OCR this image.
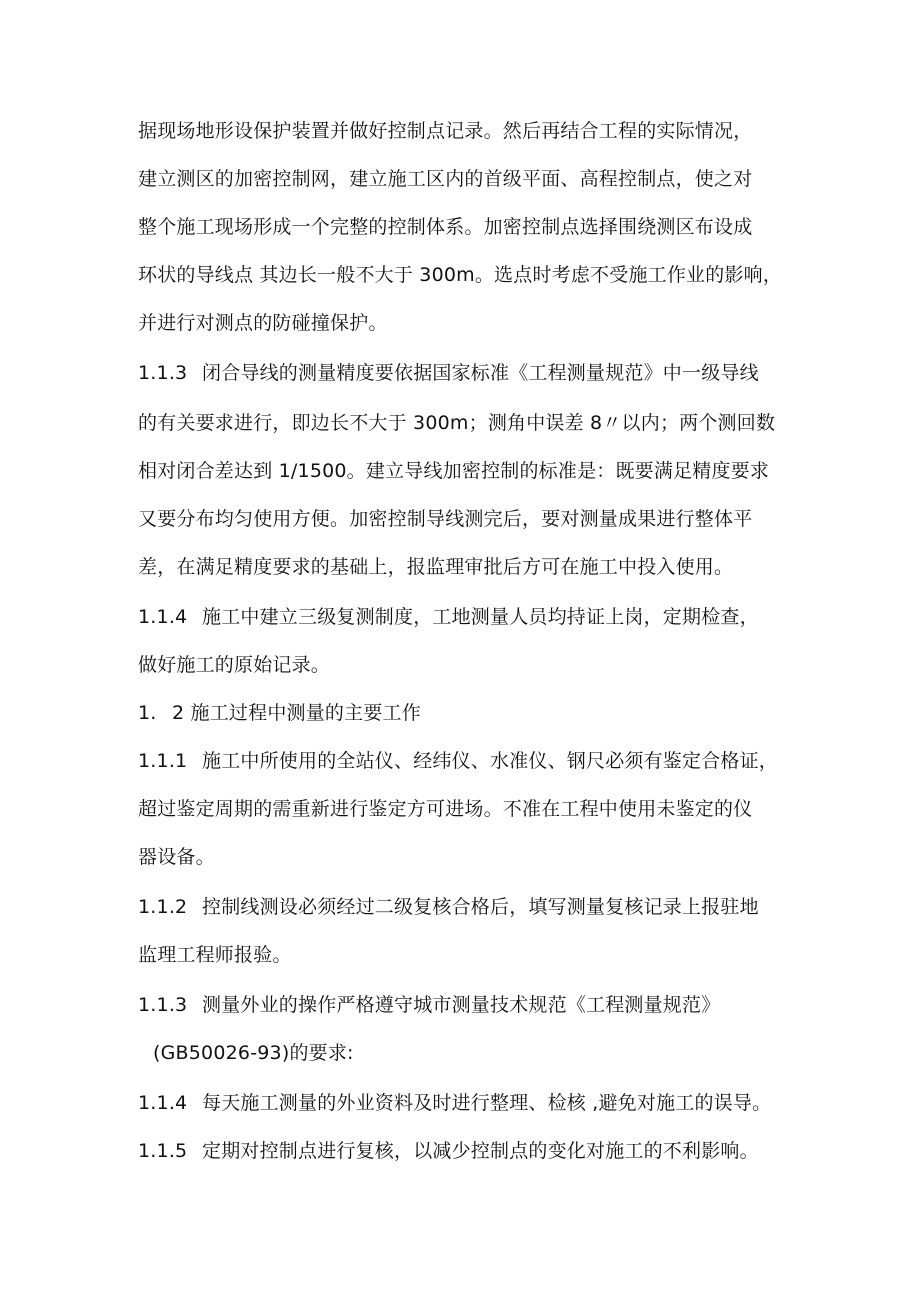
据现场地形设保护装置并做好控制点记录。然后再结合工程的实际情况，
建立测区的加密控制网，建立施工区内的首级平面、高程控制点，使之对
整个施工现场形成一个完整的控制体系。加密控制点选择围绕测区布设成
环状的导线点 其边长一般不大于 300m。选点时考虑不受施工作业的影响，
并进行对测点的防碰撞保护。
1.1.3 闭合导线的测量精度要依据国家标准《工程测量规范》中一级导线
的有关要求进行，即边长不大于 300m；测角中误差 8〃以内；两个测回数
相对闭合差达到 1/1500。建立导线加密控制的标准是：既要满足精度要求
又要分布均匀使用方便。加密控制导线测完后，要对测量成果进行整体平
差，在满足精度要求的基础上，报监理审批后方可在施工中投入使用。
1.1.4 施工中建立三级复测制度，工地测量人员均持证上岗，定期检查，
做好施工的原始记录。
1. 2 施工过程中测量的主要工作
1.1.1 施工中所使用的全站仪、经纬仪、水准仪、钢尺必须有鉴定合格证，
超过鉴定周期的需重新进行鉴定方可进场。不准在工程中使用未鉴定的仪
器设备。
1.1.2 控制线测设必须经过二级复核合格后，填写测量复核记录上报驻地
监理工程师报验。
1.1.3 测量外业的操作严格遵守城市测量技术规范《工程测量规范》
(GB50026-93)的要求:
1.1.4 每天施工测量的外业资料及时进行整理、检核 ,避免对施工的误导。
1.1.5 定期对控制点进行复核，以减少控制点的变化对施工的不利影响。
